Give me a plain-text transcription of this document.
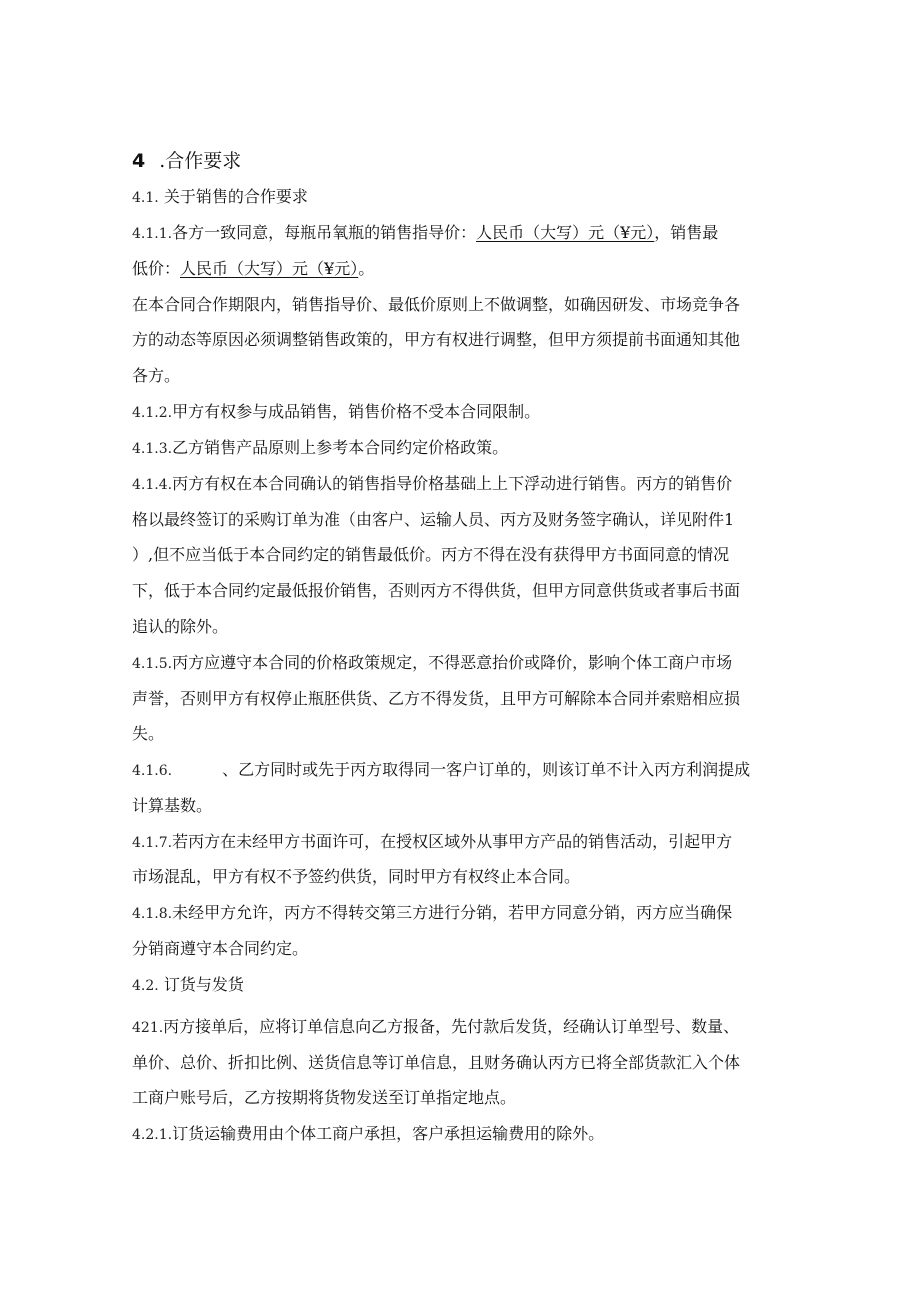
4 .合作要求
4.1. 关于销售的合作要求
4.1.1.各方一致同意，每瓶吊氧瓶的销售指导价：人民币（大写）元（¥元），销售最
低价：人民币（大写）元（¥元）。
在本合同合作期限内，销售指导价、最低价原则上不做调整，如确因研发、市场竞争各
方的动态等原因必须调整销售政策的，甲方有权进行调整，但甲方须提前书面通知其他
各方。
4.1.2.甲方有权参与成品销售，销售价格不受本合同限制。
4.1.3.乙方销售产品原则上参考本合同约定价格政策。
4.1.4.丙方有权在本合同确认的销售指导价格基础上上下浮动进行销售。丙方的销售价
格以最终签订的采购订单为准（由客户、运输人员、丙方及财务签字确认，详见附件1
）,但不应当低于本合同约定的销售最低价。丙方不得在没有获得甲方书面同意的情况
下，低于本合同约定最低报价销售，否则丙方不得供货，但甲方同意供货或者事后书面
追认的除外。
4.1.5.丙方应遵守本合同的价格政策规定，不得恶意抬价或降价，影响个体工商户市场
声誉，否则甲方有权停止瓶胚供货、乙方不得发货，且甲方可解除本合同并索赔相应损
失。
4.1.6.	、乙方同时或先于丙方取得同一客户订单的，则该订单不计入丙方利润提成
计算基数。
4.1.7.若丙方在未经甲方书面许可，在授权区域外从事甲方产品的销售活动，引起甲方
市场混乱，甲方有权不予签约供货，同时甲方有权终止本合同。
4.1.8.未经甲方允许，丙方不得转交第三方进行分销，若甲方同意分销，丙方应当确保
分销商遵守本合同约定。
4.2. 订货与发货
421.丙方接单后，应将订单信息向乙方报备，先付款后发货，经确认订单型号、数量、
单价、总价、折扣比例、送货信息等订单信息，且财务确认丙方已将全部货款汇入个体
工商户账号后，乙方按期将货物发送至订单指定地点。
4.2.1.订货运输费用由个体工商户承担，客户承担运输费用的除外。
